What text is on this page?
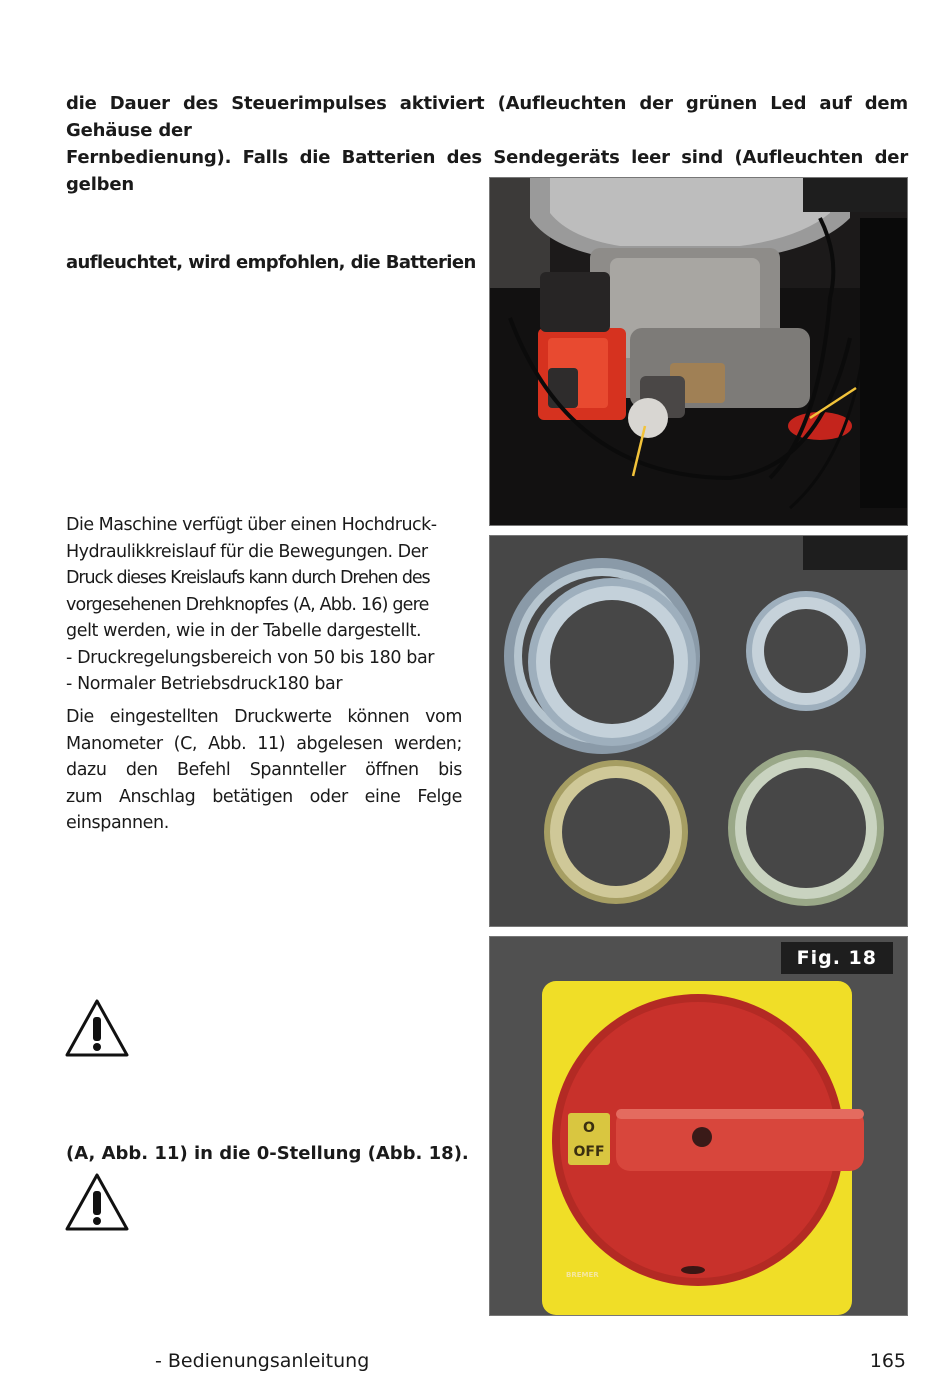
die Dauer des Steuerimpulses aktiviert (Aufleuchten der grünen Led auf dem Gehäuse der
Fernbedienung). Falls die Batterien des Sendegeräts leer sind (Aufleuchten der gelben
aufleuchtet, wird empfohlen, die Batterien
Die Maschine verfügt über einen Hochdruck-
Hydraulikkreislauf für die Bewegungen. Der
Druck dieses Kreislaufs kann durch Drehen des
vorgesehenen Drehknopfes (A, Abb. 16) gere
gelt werden, wie in der Tabelle dargestellt.
- Druckregelungsbereich von 50 bis 180 bar
- Normaler Betriebsdruck180 bar
Die eingestellten Druckwerte können vom
Manometer (C, Abb. 11) abgelesen werden;
dazu den Befehl Spannteller öffnen bis
zum Anschlag betätigen oder eine Felge
einspannen.
(A, Abb. 11) in die 0-Stellung (Abb. 18).
O
OFF
BREMER
Fig. 18
- Bedienungsanleitung	165
